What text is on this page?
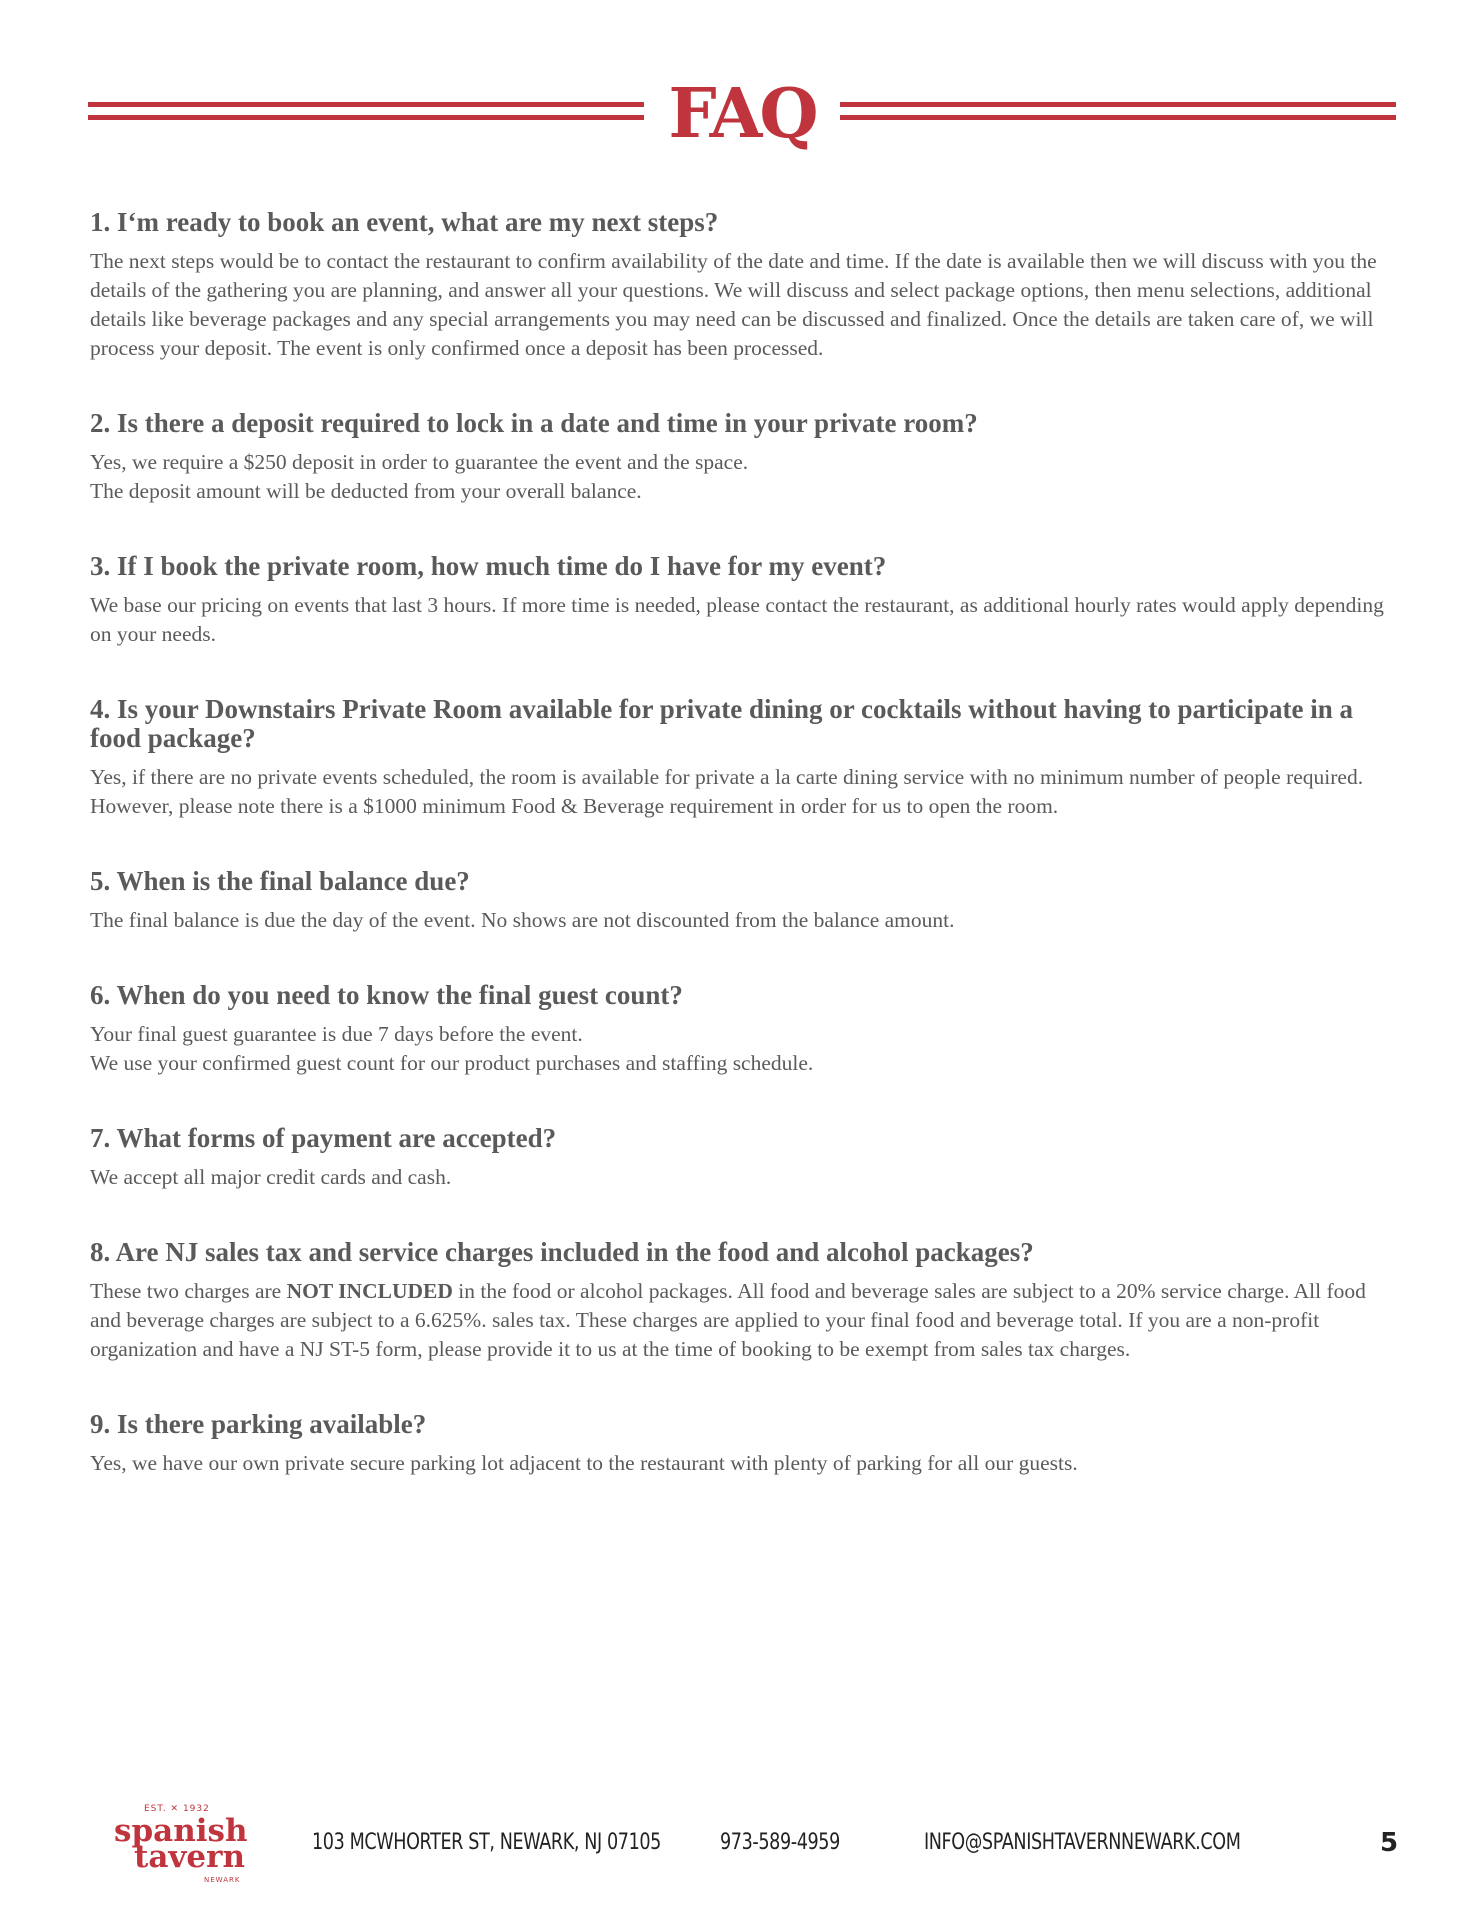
FAQ
1. I‘m ready to book an event, what are my next steps?

The next steps would be to contact the restaurant to confirm availability of the date and time. If the date is available then we will discuss with you the details of the gathering you are planning, and answer all your questions. We will discuss and select package options, then menu selections, additional details like beverage packages and any special arrangements you may need can be discussed and finalized. Once the details are taken care of, we will process your deposit. The event is only confirmed once a deposit has been processed.

2. Is there a deposit required to lock in a date and time in your private room?

Yes, we require a $250 deposit in order to guarantee the event and the space.

The deposit amount will be deducted from your overall balance.

3. If I book the private room, how much time do I have for my event?

We base our pricing on events that last 3 hours. If more time is needed, please contact the restaurant, as additional hourly rates would apply depending on your needs.

4. Is your Downstairs Private Room available for private dining or cocktails without having to participate in a food package?

Yes, if there are no private events scheduled, the room is available for private a la carte dining service with no minimum number of people required. However, please note there is a $1000 minimum Food & Beverage requirement in order for us to open the room.

5. When is the final balance due?

The final balance is due the day of the event. No shows are not discounted from the balance amount.

6. When do you need to know the final guest count?

Your final guest guarantee is due 7 days before the event.

We use your confirmed guest count for our product purchases and staffing schedule.

7. What forms of payment are accepted?

We accept all major credit cards and cash.

8. Are NJ sales tax and service charges included in the food and alcohol packages?

These two charges are NOT INCLUDED in the food or alcohol packages. All food and beverage sales are subject to a 20% service charge. All food and beverage charges are subject to a 6.625%. sales tax. These charges are applied to your final food and beverage total. If you are a non-profit organization and have a NJ ST-5 form, please provide it to us at the time of booking to be exempt from sales tax charges.

9. Is there parking available?

Yes, we have our own private secure parking lot adjacent to the restaurant with plenty of parking for all our guests.

EST. ✕ 1932
spanish
tavern
NEWARK
103 MCWHORTER ST, NEWARK, NJ 07105	973-589-4959	INFO@SPANISHTAVERNNEWARK.COM	5
